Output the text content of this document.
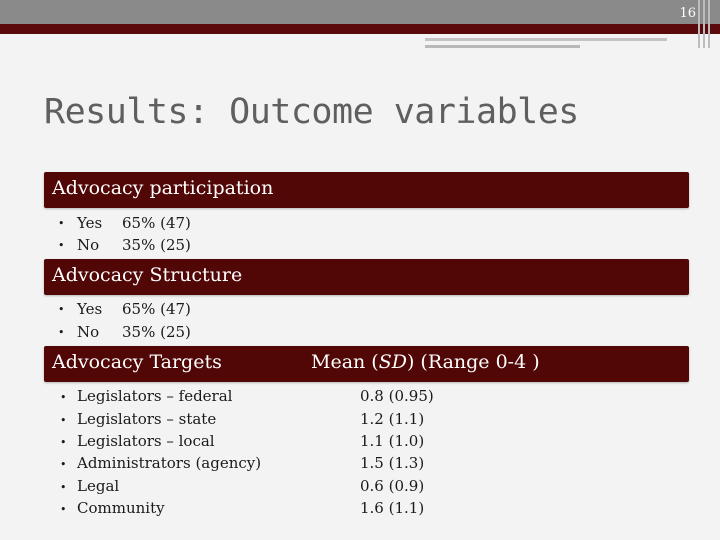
16
Results: Outcome variables
Advocacy participation
• Yes 65% (47)
• No 35% (25)
Advocacy Structure
• Yes 65% (47)
• No 35% (25)
Advocacy Targets	Mean (SD) (Range 0-4 )
• Legislators – federal	0.8 (0.95)
• Legislators – state	1.2 (1.1)
• Legislators – local	1.1 (1.0)
• Administrators (agency)	1.5 (1.3)
• Legal	0.6 (0.9)
• Community	1.6 (1.1)
